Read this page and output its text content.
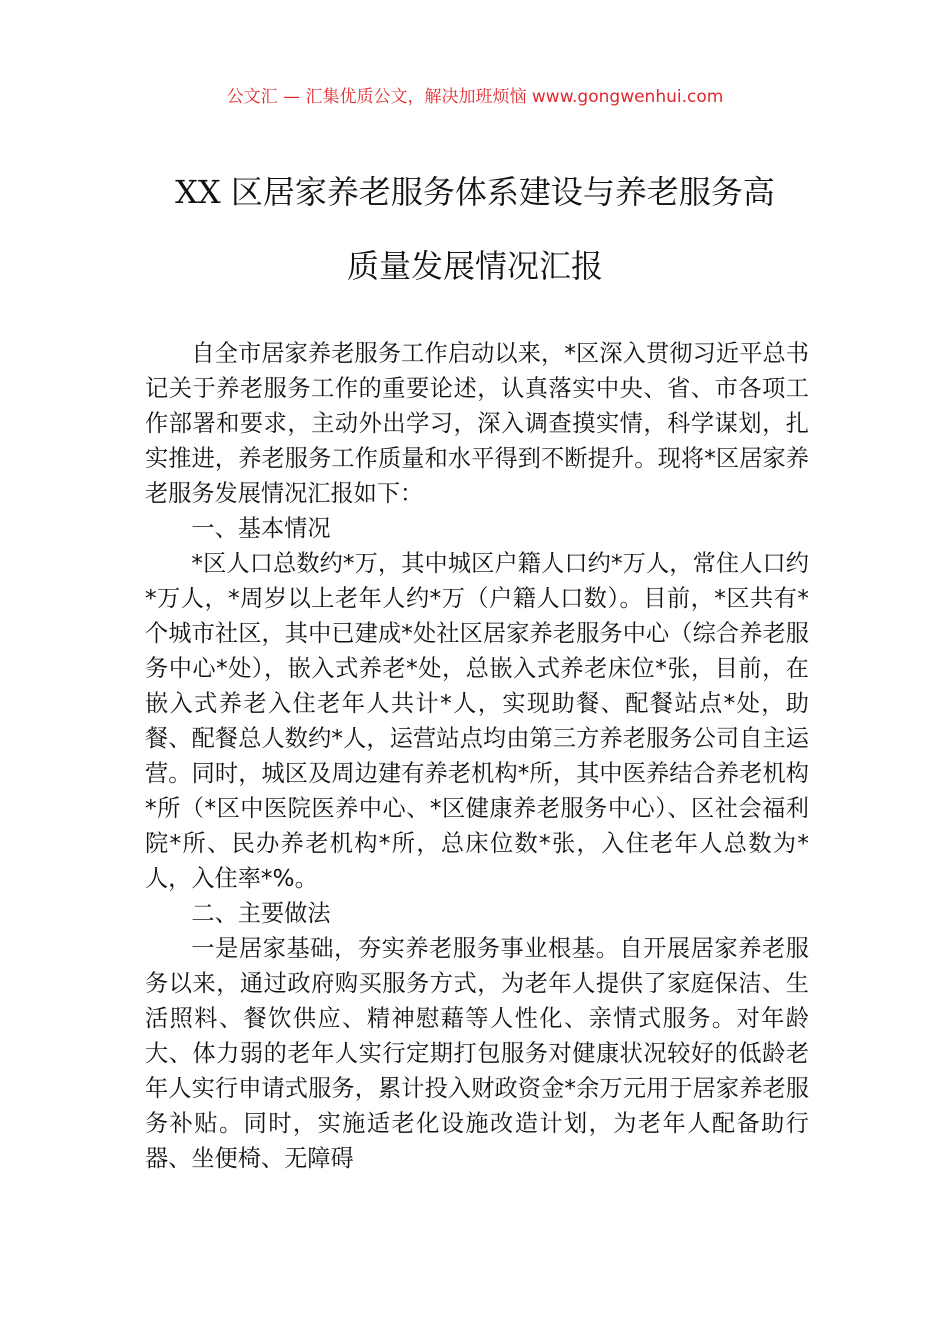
公文汇 — 汇集优质公文，解决加班烦恼 www.gongwenhui.com
XX 区居家养老服务体系建设与养老服务高
质量发展情况汇报

自全市居家养老服务工作启动以来，*区深入贯彻习近平总书记关于养老服务工作的重要论述，认真落实中央、省、市各项工作部署和要求，主动外出学习，深入调查摸实情，科学谋划，扎实推进，养老服务工作质量和水平得到不断提升。现将*区居家养老服务发展情况汇报如下：

一、基本情况

*区人口总数约*万，其中城区户籍人口约*万人，常住人口约*万人，*周岁以上老年人约*万（户籍人口数）。目前，*区共有*个城市社区，其中已建成*处社区居家养老服务中心（综合养老服务中心*处），嵌入式养老*处，总嵌入式养老床位*张，目前，在嵌入式养老入住老年人共计*人，实现助餐、配餐站点*处，助餐、配餐总人数约*人，运营站点均由第三方养老服务公司自主运营。同时，城区及周边建有养老机构*所，其中医养结合养老机构*所（*区中医院医养中心、*区健康养老服务中心）、区社会福利院*所、民办养老机构*所，总床位数*张，入住老年人总数为*人，入住率*%。

二、主要做法

一是居家基础，夯实养老服务事业根基。自开展居家养老服务以来，通过政府购买服务方式，为老年人提供了家庭保洁、生活照料、餐饮供应、精神慰藉等人性化、亲情式服务。对年龄大、体力弱的老年人实行定期打包服务对健康状况较好的低龄老年人实行申请式服务，累计投入财政资金*余万元用于居家养老服务补贴。同时，实施适老化设施改造计划，为老年人配备助行器、坐便椅、无障碍
